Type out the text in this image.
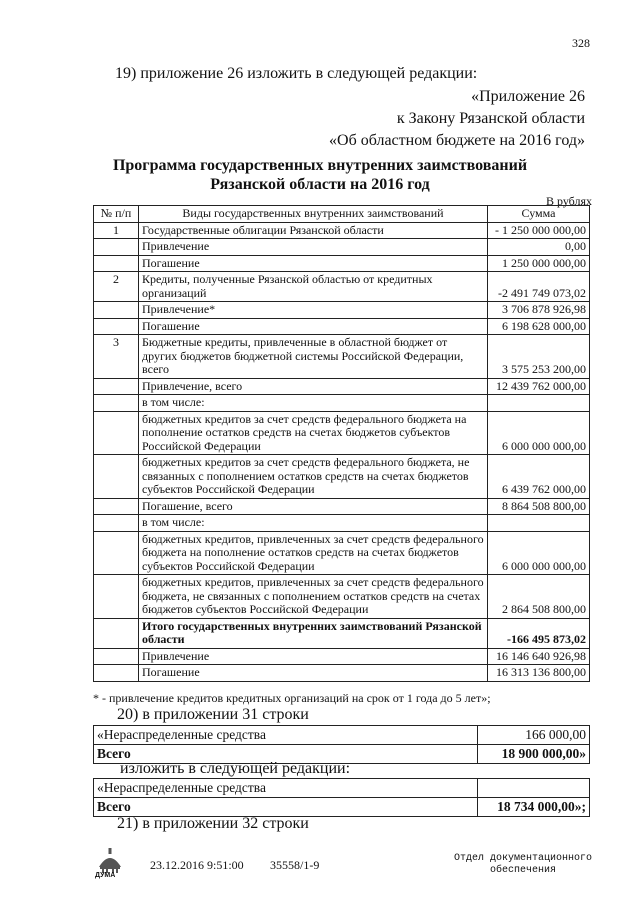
328
19) приложение 26 изложить в следующей редакции:
«Приложение 26
к Закону Рязанской области
«Об областном бюджете на 2016 год»
Программа государственных внутренних заимствований
Рязанской области на 2016 год
В рублях
№ п/п	Виды государственных внутренних заимствований	Сумма
1	Государственные облигации Рязанской области	- 1 250 000 000,00
	Привлечение	0,00
	Погашение	1 250 000 000,00
2	Кредиты, полученные Рязанской областью от кредитных организаций	-2 491 749 073,02
	Привлечение*	3 706 878 926,98
	Погашение	6 198 628 000,00
3	Бюджетные кредиты, привлеченные в областной бюджет от других бюджетов бюджетной системы Российской Федерации, всего	3 575 253 200,00
	Привлечение, всего	12 439 762 000,00
	в том числе:	
	бюджетных кредитов за счет средств федерального бюджета на пополнение остатков средств на счетах бюджетов субъектов Российской Федерации	6 000 000 000,00
	бюджетных кредитов за счет средств федерального бюджета, не связанных с пополнением остатков средств на счетах бюджетов субъектов Российской Федерации	6 439 762 000,00
	Погашение, всего	8 864 508 800,00
	в том числе:	
	бюджетных кредитов, привлеченных за счет средств федерального бюджета на пополнение остатков средств на счетах бюджетов субъектов Российской Федерации	6 000 000 000,00
	бюджетных кредитов, привлеченных за счет средств федерального бюджета, не связанных с пополнением остатков средств на счетах бюджетов субъектов Российской Федерации	2 864 508 800,00
	Итого государственных внутренних заимствований Рязанской области	-166 495 873,02
	Привлечение	16 146 640 926,98
	Погашение	16 313 136 800,00
* - привлечение кредитов кредитных организаций на срок от 1 года до 5 лет»;
20) в приложении 31 строки
«Нераспределенные средства	166 000,00
Всего	18 900 000,00»
изложить в следующей редакции:
«Нераспределенные средства	
Всего	18 734 000,00»;
21) в приложении 32 строки
ДУМА
23.12.2016 9:51:00 35558/1-9	Отдел документационного
обеспечения
